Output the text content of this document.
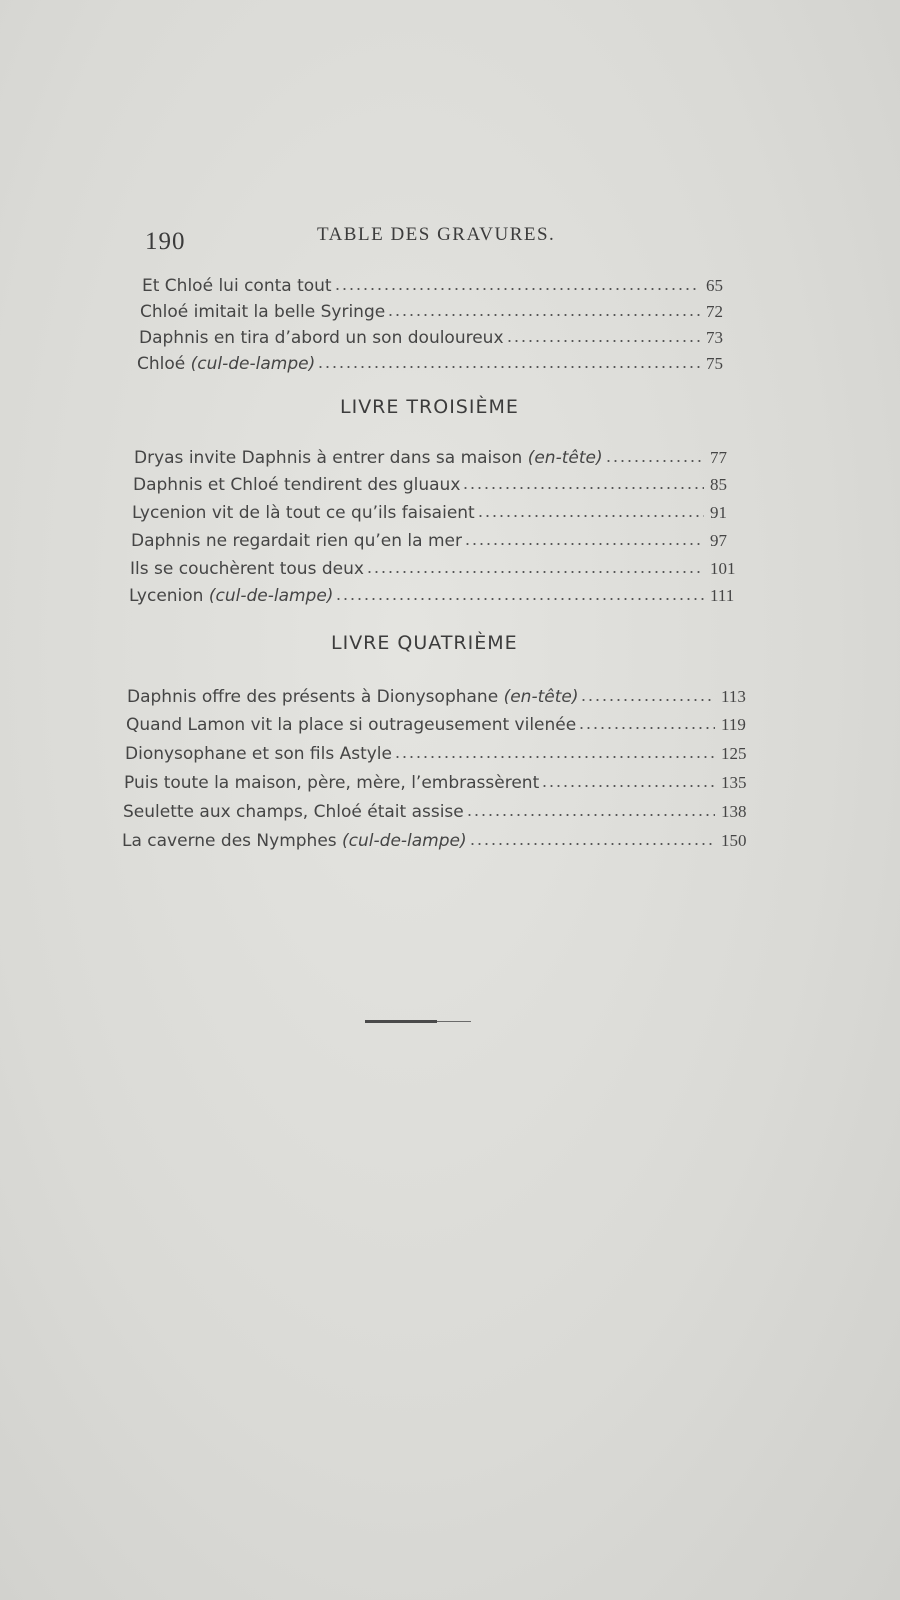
190	TABLE DES GRAVURES.
Et Chloé lui conta tout	65
Chloé imitait la belle Syringe	72
Daphnis en tira d’abord un son douloureux	73
Chloé (cul-de-lampe)	75
LIVRE TROISIÈME
Dryas invite Daphnis à entrer dans sa maison (en-tête)	77
Daphnis et Chloé tendirent des gluaux	85
Lycenion vit de là tout ce qu’ils faisaient	91
Daphnis ne regardait rien qu’en la mer	97
Ils se couchèrent tous deux	101
Lycenion (cul-de-lampe)	111
LIVRE QUATRIÈME
Daphnis offre des présents à Dionysophane (en-tête)	113
Quand Lamon vit la place si outrageusement vilenée	119
Dionysophane et son fils Astyle	125
Puis toute la maison, père, mère, l’embrassèrent	135
Seulette aux champs, Chloé était assise	138
La caverne des Nymphes (cul-de-lampe)	150
